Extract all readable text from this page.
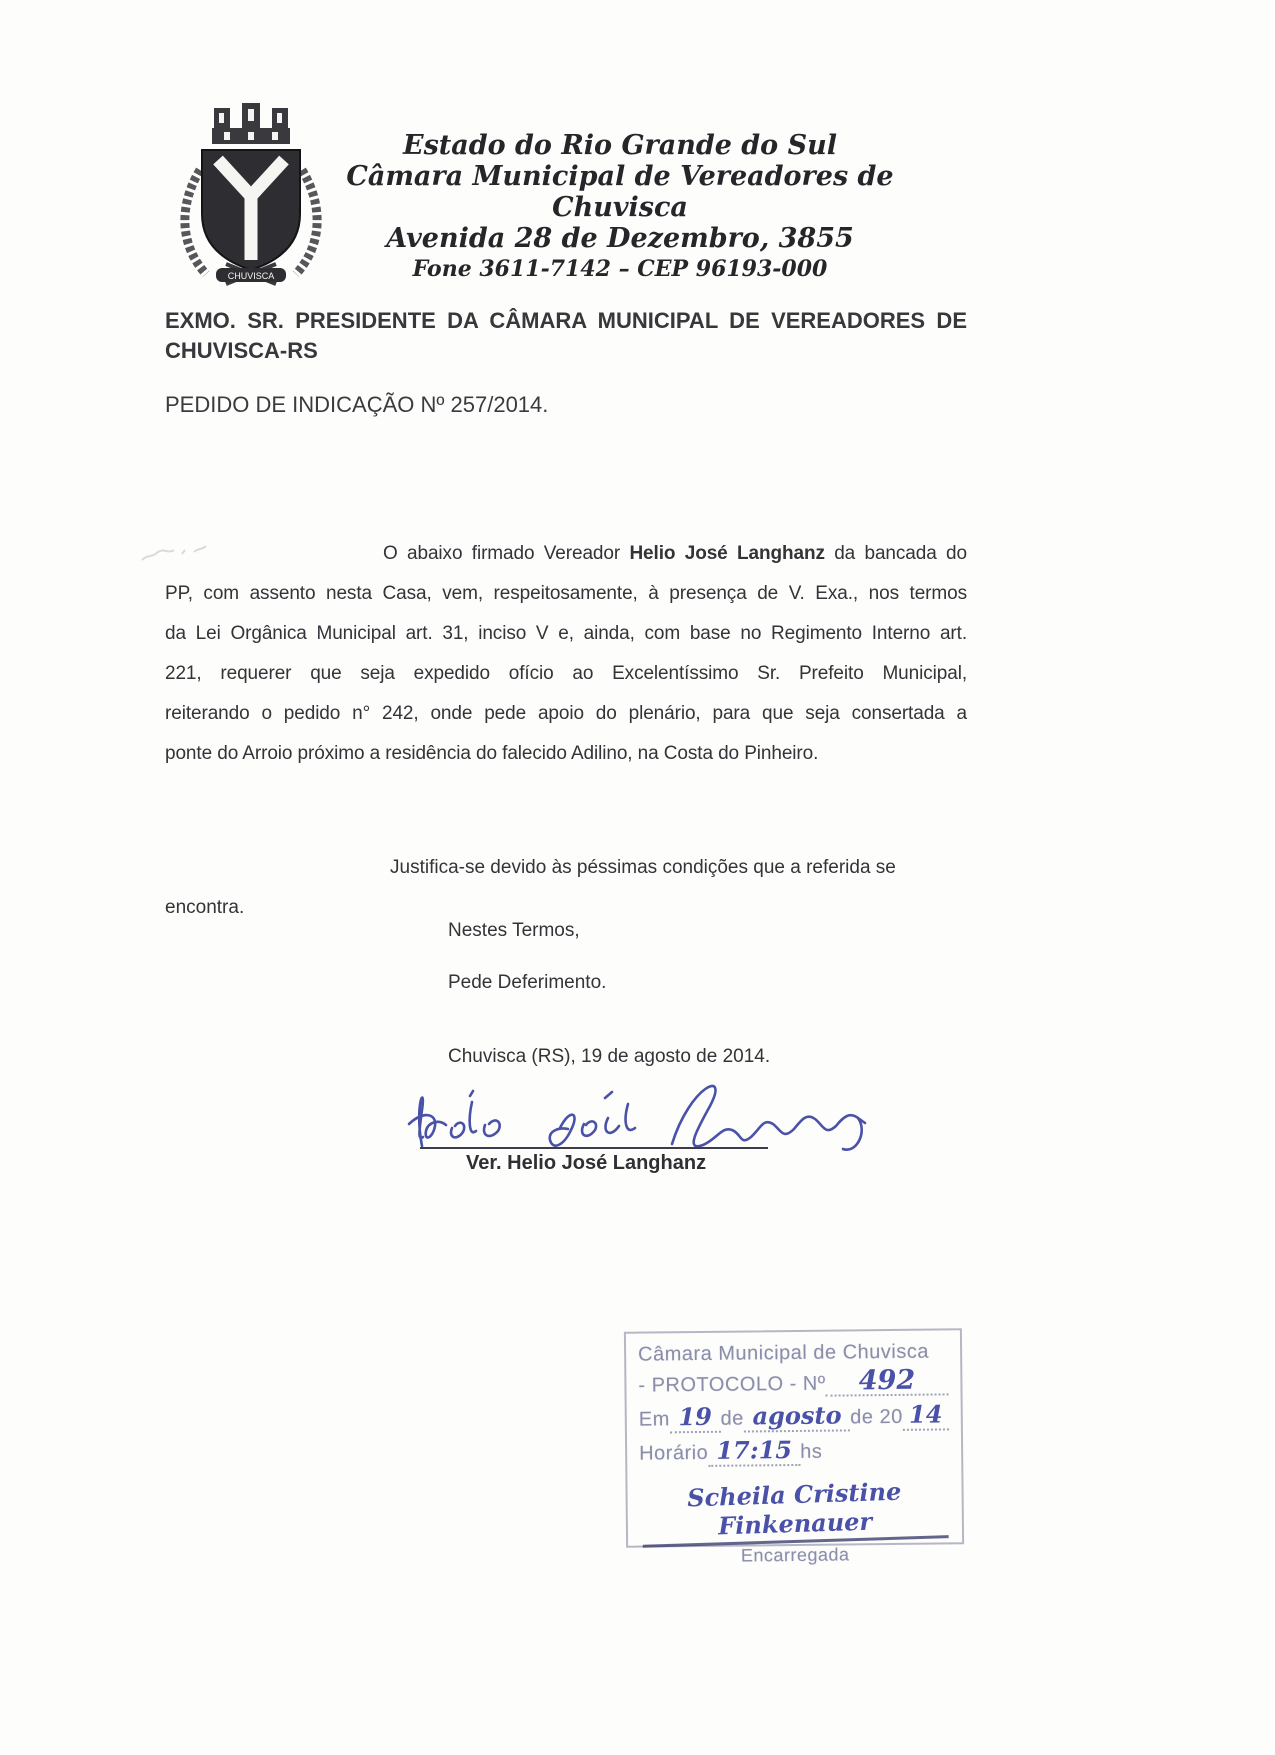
CHUVISCA
Estado do Rio Grande do Sul
Câmara Municipal de Vereadores de Chuvisca
Avenida 28 de Dezembro, 3855
Fone 3611-7142 – CEP 96193-000
EXMO. SR. PRESIDENTE DA CÂMARA MUNICIPAL DE VEREADORES DE
CHUVISCA-RS
PEDIDO DE INDICAÇÃO Nº 257/2014.
O abaixo firmado Vereador Helio José Langhanz da bancada do
PP, com assento nesta Casa, vem, respeitosamente, à presença de V. Exa., nos termos
da Lei Orgânica Municipal art. 31, inciso V e, ainda, com base no Regimento Interno art.
221, requerer que seja expedido ofício ao Excelentíssimo Sr. Prefeito Municipal,
reiterando o pedido n° 242, onde pede apoio do plenário, para que seja consertada a
ponte do Arroio próximo a residência do falecido Adilino, na Costa do Pinheiro.
Justifica-se devido às péssimas condições que a referida se encontra.
Nestes Termos,
Pede Deferimento.
Chuvisca (RS), 19 de agosto de 2014.
Ver. Helio José Langhanz
Câmara Municipal de Chuvisca
- PROTOCOLO - Nº	492
Em 19 de agosto de 20 14
Horário 17:15 hs
Scheila Cristine Finkenauer
Encarregada
